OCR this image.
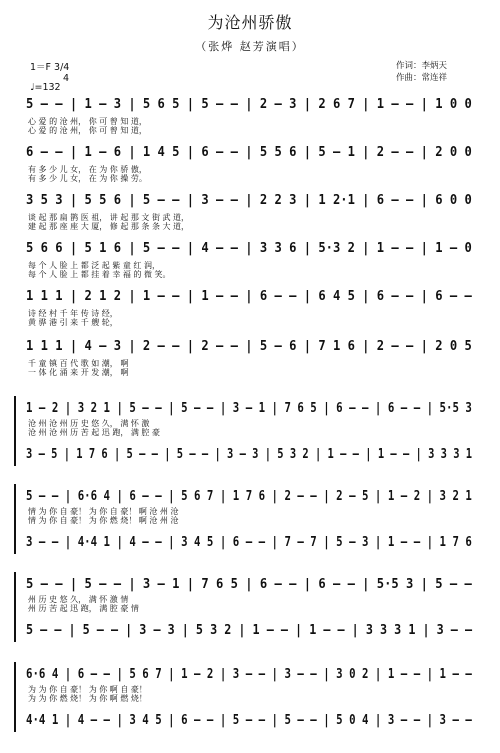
为沧州骄傲
（张烨 赵芳演唱）
作词：李炳天
作曲：常连祥
1＝F 3/4
4
♩=132
5 – – | 1 – 3 | 5 6 5 | 5 – – | 2 – 3 | 2 6 7 | 1 – – | 1 0 0
心 爱 的 沧 州， 你 可 曾 知 道，
心 爱 的 沧 州， 你 可 曾 知 道，
6 – – | 1 – 6 | 1 4 5 | 6 – – | 5 5 6 | 5 – 1 | 2 – – | 2 0 0
有 多 少 儿 女， 在 为 你 骄 傲，
有 多 少 儿 女， 在 为 你 操 劳。
3 5 3 | 5 5 6 | 5 – – | 3 – – | 2 2 3 | 1 2·1 | 6 – – | 6 0 0
谈 起 那 扁 鹊 医 祖， 讲 起 那 文 街 武 道，
建 起 那 座 座 大 厦， 修 起 那 条 条 大 道，
5 6 6 | 5 1 6 | 5 – – | 4 – – | 3 3 6 | 5·3 2 | 1 – – | 1 – 0
每 个 人 脸 上 都 泛 起 紫 童 红 润，
每 个 人 脸 上 都 挂 着 幸 福 的 微 笑。
1 1 1 | 2 1 2 | 1 – – | 1 – – | 6 – – | 6 4 5 | 6 – – | 6 – –
诗 经 村 千 年 传 诗 经，
黄 骅 港 引 来 千 艘 轮，
1 1 1 | 4 – 3 | 2 – – | 2 – – | 5 – 6 | 7 1 6 | 2 – – | 2 0 5
千 童 镇 百 代 歌 如 潮， 啊
一 体 化 涌 来 开 发 潮， 啊
1 – 2 | 3 2 1 | 5 – – | 5 – – | 3 – 1 | 7 6 5 | 6 – – | 6 – – | 5·5 3
沧 州 沧 州 历 史 悠 久， 满 怀 激
沧 州 沧 州 历 苦 起 迅 跑， 满 腔 豪
3 – 5 | 1 7 6 | 5 – – | 5 – – | 3 – 3 | 5 3 2 | 1 – – | 1 – – | 3 3 3 1
5 – – | 6·6 4 | 6 – – | 5 6 7 | 1 7 6 | 2 – – | 2 – 5 | 1 – 2 | 3 2 1
情 为 你 自 豪！ 为 你 自 豪！ 啊 沧 州 沧
情 为 你 自 豪！ 为 你 燃 烧！ 啊 沧 州 沧
3 – – | 4·4 1 | 4 – – | 3 4 5 | 6 – – | 7 – 7 | 5 – 3 | 1 – – | 1 7 6
5 – – | 5 – – | 3 – 1 | 7 6 5 | 6 – – | 6 – – | 5·5 3 | 5 – –
州 历 史 悠 久， 满 怀 激 情
州 历 苦 起 迅 跑， 满 腔 豪 情
5 – – | 5 – – | 3 – 3 | 5 3 2 | 1 – – | 1 – – | 3 3 3 1 | 3 – –
6·6 4 | 6 – – | 5 6 7 | 1 – 2 | 3 – – | 3 – – | 3 0 2 | 1 – – | 1 – –
为 为 你 自 豪！ 为 你 啊 自 豪！
为 为 你 燃 烧！ 为 你 啊 燃 烧！
4·4 1 | 4 – – | 3 4 5 | 6 – – | 5 – – | 5 – – | 5 0 4 | 3 – – | 3 – –
